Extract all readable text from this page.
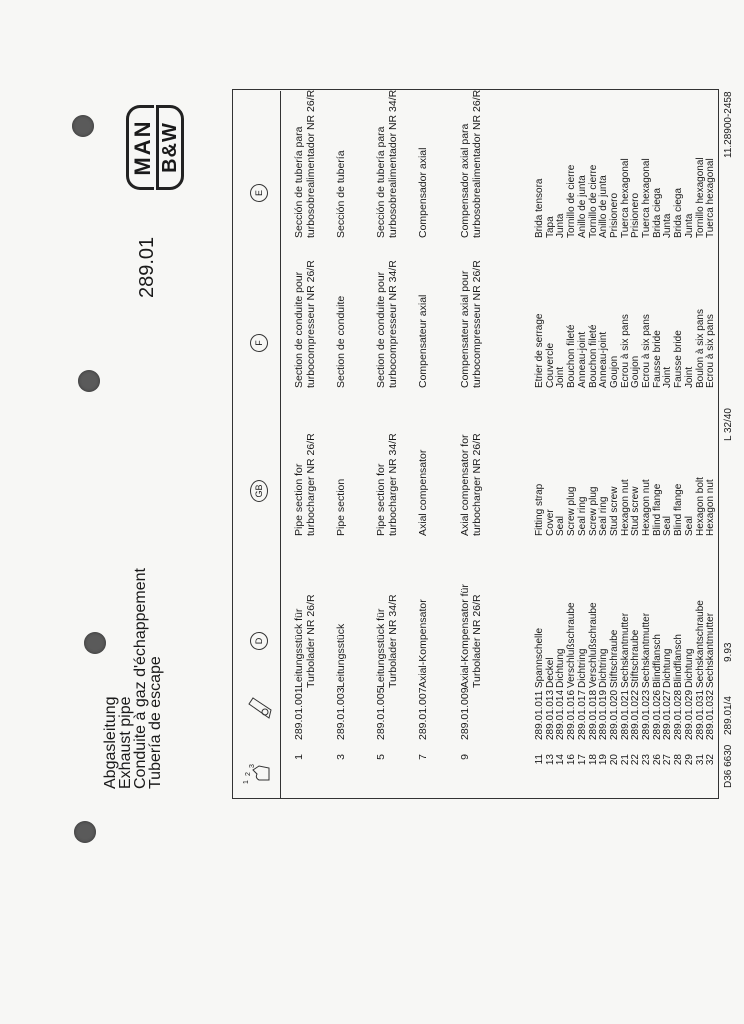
Abgasleitung
Exhaust pipe
Conduite à gaz d'échappement
Tubería de escape
MAN B&W
289.01
1
2
3
D
GB
F
E
1
289.01.001
Leitungsstück für Turbolader NR 26/R
Pipe section for turbocharger NR 26/R
Section de conduite pour turbocompresseur NR 26/R
Sección de tubería para turbosobrealimentador NR 26/R
3
289.01.003
Leitungsstück
Pipe section
Section de conduite
Sección de tubería
5
289.01.005
Leitungsstück für Turbolader NR 34/R
Pipe section for turbocharger NR 34/R
Section de conduite pour turbocompresseur NR 34/R
Sección de tubería para turbosobrealimentador NR 34/R
7
289.01.007
Axial-Kompensator
Axial compensator
Compensateur axial
Compensador axial
9
289.01.009
Axial-Kompensator für Turbolader NR 26/R
Axial compensator for turbocharger NR 26/R
Compensateur axial pour turbocompresseur NR 26/R
Compensador axial para turbosobrealimentador NR 26/R
11
289.01.011
Spannschelle
Fitting strap
Etrier de serrage
Brida tensora
13
289.01.013
Deckel
Cover
Couvercle
Tapa
14
289.01.014
Dichtung
Seal
Joint
Junta
16
289.01.016
Verschlußschraube
Screw plug
Bouchon fileté
Tornillo de cierre
17
289.01.017
Dichtring
Seal ring
Anneau-joint
Anillo de junta
18
289.01.018
Verschlußschraube
Screw plug
Bouchon fileté
Tornillo de cierre
19
289.01.019
Dichtring
Seal ring
Anneau-joint
Anillo de junta
20
289.01.020
Stiftschraube
Stud screw
Goujon
Prisionero
21
289.01.021
Sechskantmutter
Hexagon nut
Ecrou à six pans
Tuerca hexagonal
22
289.01.022
Stiftschraube
Stud screw
Goujon
Prisionero
23
289.01.023
Sechskantmutter
Hexagon nut
Ecrou à six pans
Tuerca hexagonal
26
289.01.026
Blindflansch
Blind flange
Fausse bride
Brida ciega
27
289.01.027
Dichtung
Seal
Joint
Junta
28
289.01.028
Blindflansch
Blind flange
Fausse bride
Brida ciega
29
289.01.029
Dichtung
Seal
Joint
Junta
31
289.01.031
Sechskantschraube
Hexagon bolt
Boulon à six pans
Tornillo hexagonal
32
289.01.032
Sechskantmutter
Hexagon nut
Ecrou à six pans
Tuerca hexagonal
D36 6630
289.01/4
9.93
L 32/40
11.28900-2458
